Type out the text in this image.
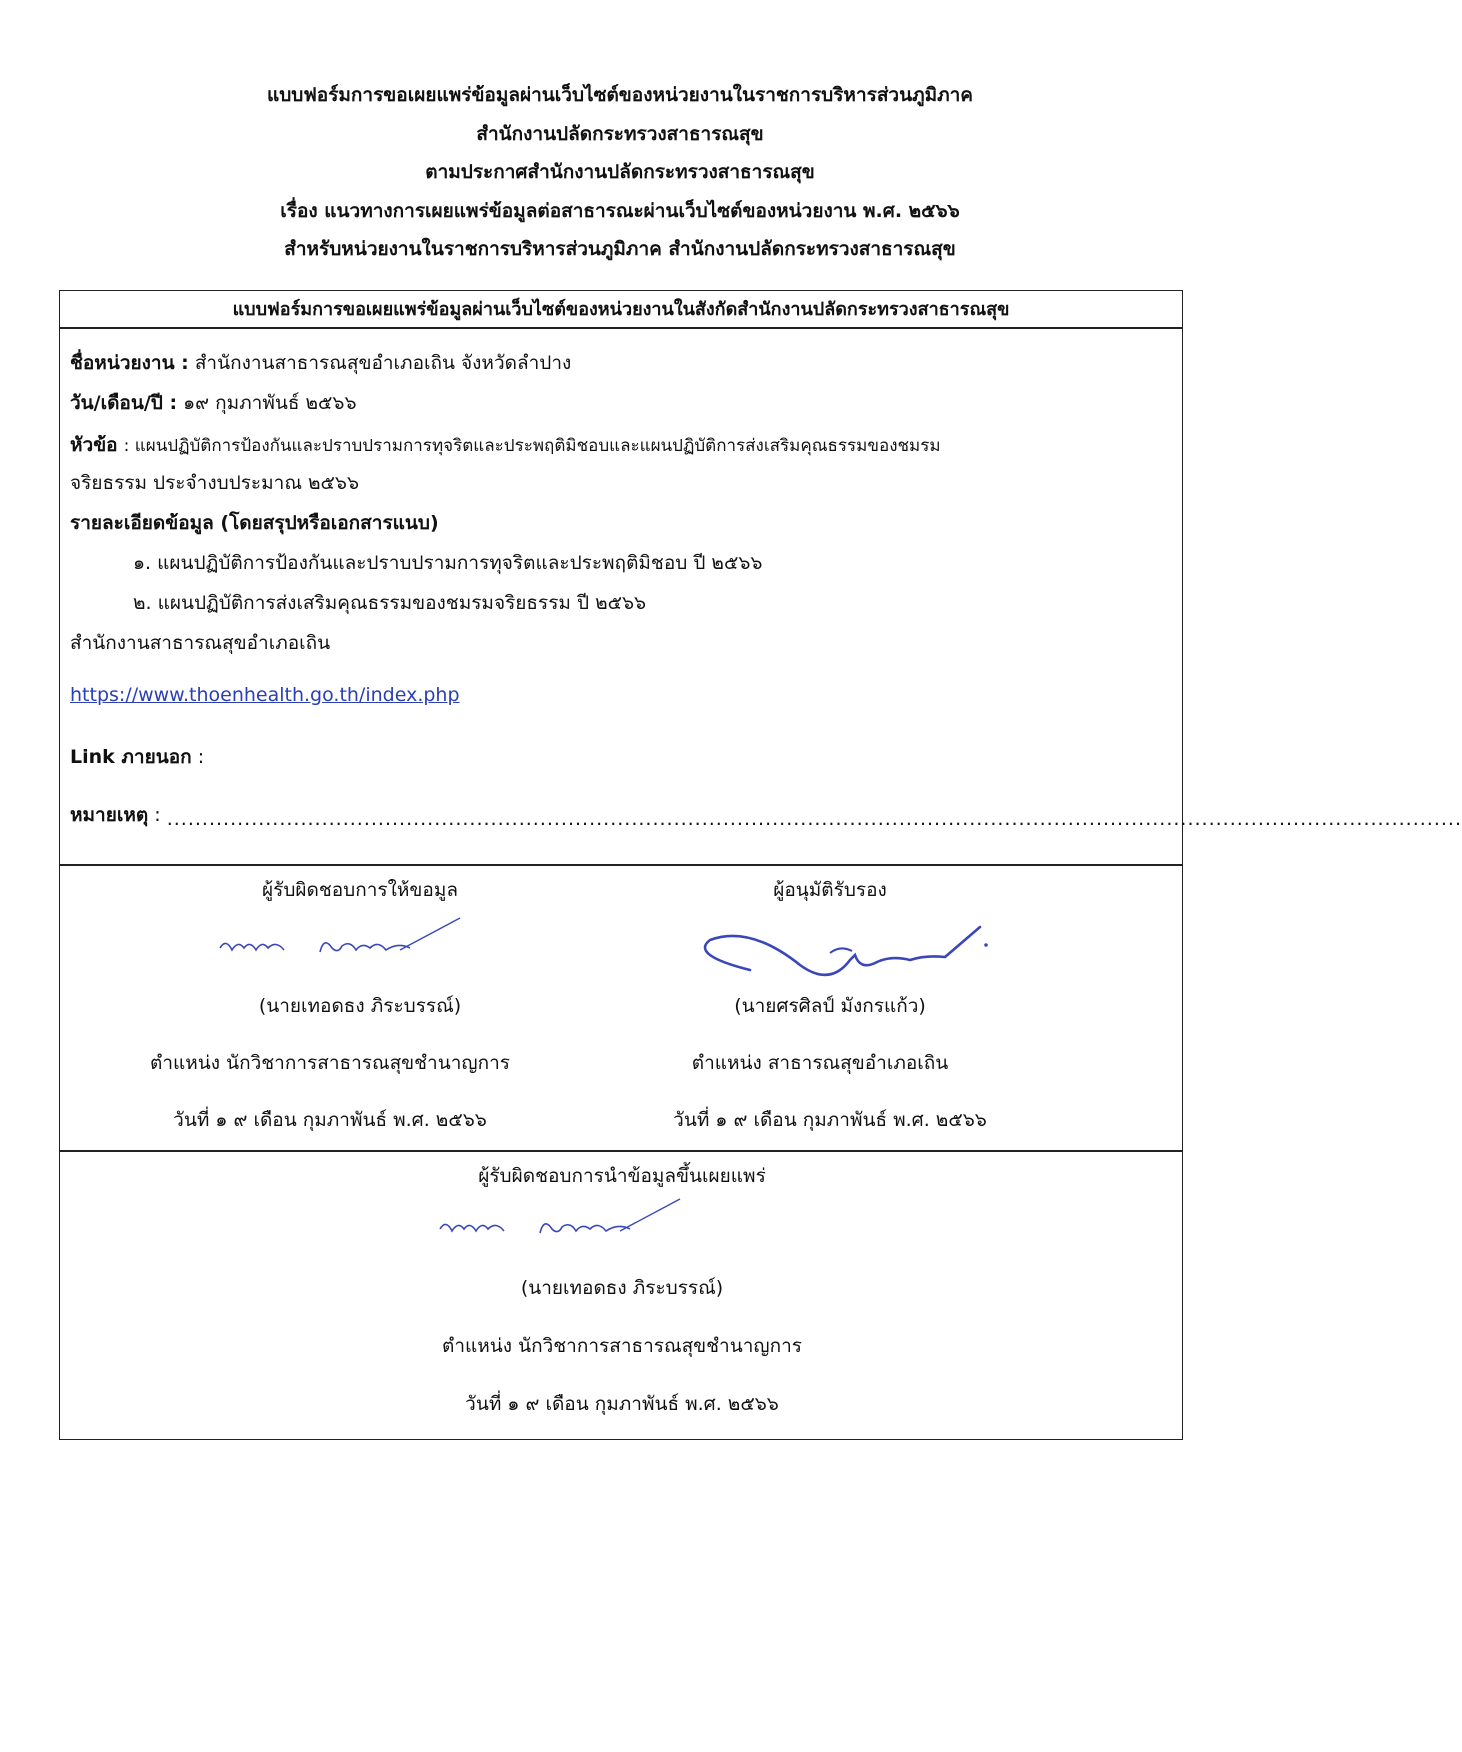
แบบฟอร์มการขอเผยแพร่ข้อมูลผ่านเว็บไซต์ของหน่วยงานในราชการบริหารส่วนภูมิภาค

สำนักงานปลัดกระทรวงสาธารณสุข

ตามประกาศสำนักงานปลัดกระทรวงสาธารณสุข

เรื่อง แนวทางการเผยแพร่ข้อมูลต่อสาธารณะผ่านเว็บไซต์ของหน่วยงาน พ.ศ. ๒๕๖๖

สำหรับหน่วยงานในราชการบริหารส่วนภูมิภาค สำนักงานปลัดกระทรวงสาธารณสุข

แบบฟอร์มการขอเผยแพร่ข้อมูลผ่านเว็บไซต์ของหน่วยงานในสังกัดสำนักงานปลัดกระทรวงสาธารณสุข
ชื่อหน่วยงาน : สำนักงานสาธารณสุขอำเภอเถิน จังหวัดลำปาง
วัน/เดือน/ปี : ๑๙ กุมภาพันธ์ ๒๕๖๖
หัวข้อ : แผนปฏิบัติการป้องกันและปราบปรามการทุจริตและประพฤติมิชอบและแผนปฏิบัติการส่งเสริมคุณธรรมของชมรม
จริยธรรม ประจำงบประมาณ ๒๕๖๖
รายละเอียดข้อมูล (โดยสรุปหรือเอกสารแนบ)
๑. แผนปฏิบัติการป้องกันและปราบปรามการทุจริตและประพฤติมิชอบ ปี ๒๕๖๖
๒. แผนปฏิบัติการส่งเสริมคุณธรรมของชมรมจริยธรรม ปี ๒๕๖๖
สำนักงานสาธารณสุขอำเภอเถิน
https://www.thoenhealth.go.th/index.php
Link ภายนอก :
หมายเหตุ : ........................................................................................................................................................................................
ผู้รับผิดชอบการให้ขอมูล	ผู้อนุมัติรับรอง
(นายเทอดธง ภิระบรรณ์)	(นายศรศิลป์ มังกรแก้ว)
ตำแหน่ง นักวิชาการสาธารณสุขชำนาญการ	ตำแหน่ง สาธารณสุขอำเภอเถิน
วันที่ ๑ ๙ เดือน กุมภาพันธ์ พ.ศ. ๒๕๖๖	วันที่ ๑ ๙ เดือน กุมภาพันธ์ พ.ศ. ๒๕๖๖
ผู้รับผิดชอบการนำข้อมูลขึ้นเผยแพร่
(นายเทอดธง ภิระบรรณ์)
ตำแหน่ง นักวิชาการสาธารณสุขชำนาญการ
วันที่ ๑ ๙ เดือน กุมภาพันธ์ พ.ศ. ๒๕๖๖
